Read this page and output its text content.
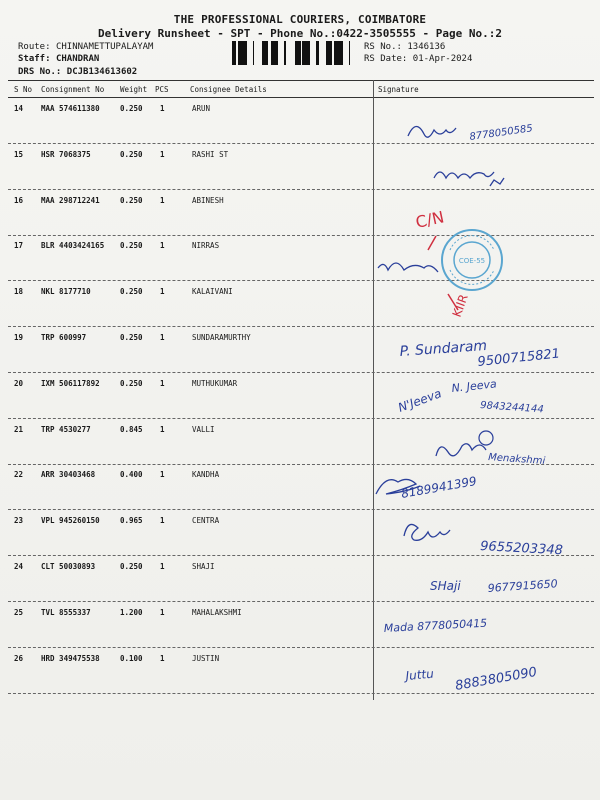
THE PROFESSIONAL COURIERS, COIMBATORE
Delivery Runsheet - SPT - Phone No.:0422-3505555 - Page No.:2
Route: CHINNAMETTUPALAYAM
Staff: CHANDRAN
DRS No.: DCJB134613602
RS No.: 1346136
RS Date: 01-Apr-2024
S No Consignment No Weight PCS	Consignee Details	Signature
14 MAA 574611380	0.250 1	ARUN
15 HSR 7068375	0.250 1	RASHI ST
16 MAA 298712241	0.250 1	ABINESH
17 BLR 4403424165 0.250 1	NIRRAS
18 NKL 8177710	0.250 1	KALAIVANI
19 TRP 600997	0.250 1	SUNDARAMURTHY
20 IXM 506117892	0.250 1	MUTHUKUMAR
21 TRP 4530277	0.845 1	VALLI
22 ARR 30403468	0.400 1	KANDHA
23 VPL 945260150	0.965 1	CENTRA
24 CLT 50030893	0.250 1	SHAJI
25 TVL 8555337	1.200 1	MAHALAKSHMI
26 HRD 349475538	0.100 1	JUSTIN
8778050585
C/N
KIIR
P. Sundaram
9500715821
N'Jeeva
N. Jeeva
9843244144
Menakshmi
8189941399
9655203348
SHaji 9677915650
Mada 8778050415
Juttu 8883805090
COE-55
